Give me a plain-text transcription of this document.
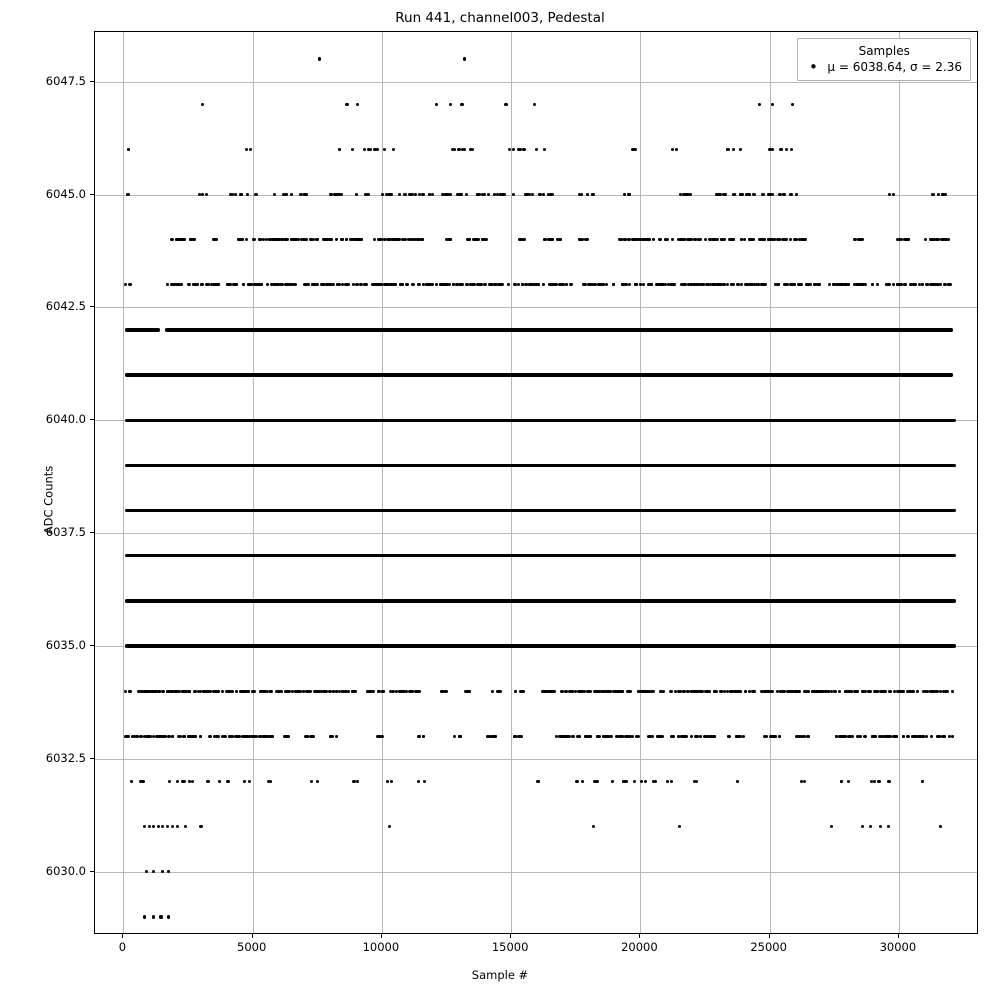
Run 441, channel003, Pedestal
Samples
• μ = 6038.64, σ = 2.36
Sample #
ADC Counts
0	5000	10000	15000	20000	25000	30000
6030.0
6032.5
6035.0
6037.5
6040.0
6042.5
6045.0
6047.5
